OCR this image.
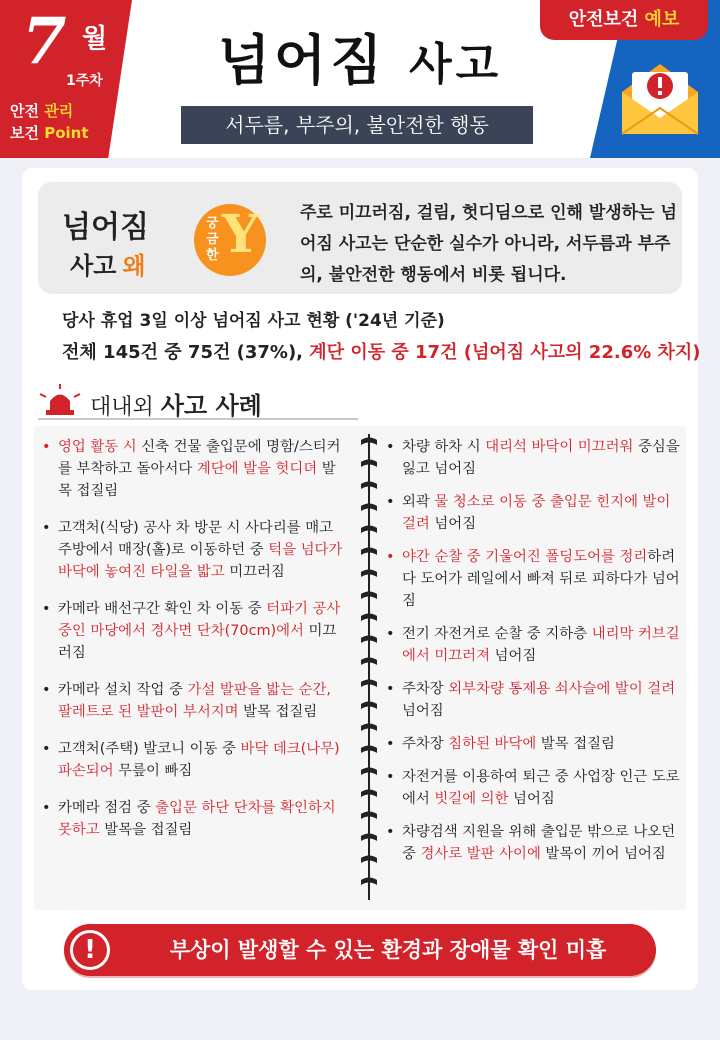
7 월
1주차
안전 관리
보건 Point
넘어짐 사고
서두름, 부주의, 불안전한 행동
안전보건 예보
넘어짐
사고 왜
궁금한 Y 주로 미끄러짐, 걸림, 헛디딤으로 인해 발생하는 넘어짐 사고는 단순한 실수가 아니라, 서두름과 부주의, 불안전한 행동에서 비롯 됩니다.

당사 휴업 3일 이상 넘어짐 사고 현황 ('24년 기준)

전체 145건 중 75건 (37%), 계단 이동 중 17건 (넘어짐 사고의 22.6% 차지)

대내외 사고 사례

• 영업 활동 시 신축 건물 출입문에 명함/스티커를 부착하고 돌아서다 계단에 발을 헛디뎌 발목 접질림

• 고객처(식당) 공사 차 방문 시 사다리를 매고 주방에서 매장(홀)로 이동하던 중 턱을 넘다가 바닥에 놓여진 타일을 밟고 미끄러짐

• 카메라 배선구간 확인 차 이동 중 터파기 공사 중인 마당에서 경사면 단차(70cm)에서 미끄러짐

• 카메라 설치 작업 중 가설 발판을 밟는 순간, 팔레트로 된 발판이 부서지며 발목 접질림

• 고객처(주택) 발코니 이동 중 바닥 데크(나무) 파손되어 무릎이 빠짐

• 카메라 점검 중 출입문 하단 단차를 확인하지 못하고 발목을 접질림

• 차량 하차 시 대리석 바닥이 미끄러워 중심을 잃고 넘어짐

• 외곽 물 청소로 이동 중 출입문 힌지에 발이 걸려 넘어짐

• 야간 순찰 중 기울어진 폴딩도어를 정리하려다 도어가 레일에서 빠져 뒤로 피하다가 넘어짐

• 전기 자전거로 순찰 중 지하층 내리막 커브길에서 미끄러져 넘어짐

• 주차장 외부차량 통제용 쇠사슬에 발이 걸려 넘어짐

• 주차장 침하된 바닥에 발목 접질림

• 자전거를 이용하여 퇴근 중 사업장 인근 도로에서 빗길에 의한 넘어짐

• 차량검색 지원을 위해 출입문 밖으로 나오던 중 경사로 발판 사이에 발목이 끼어 넘어짐

!	부상이 발생할 수 있는 환경과 장애물 확인 미흡
